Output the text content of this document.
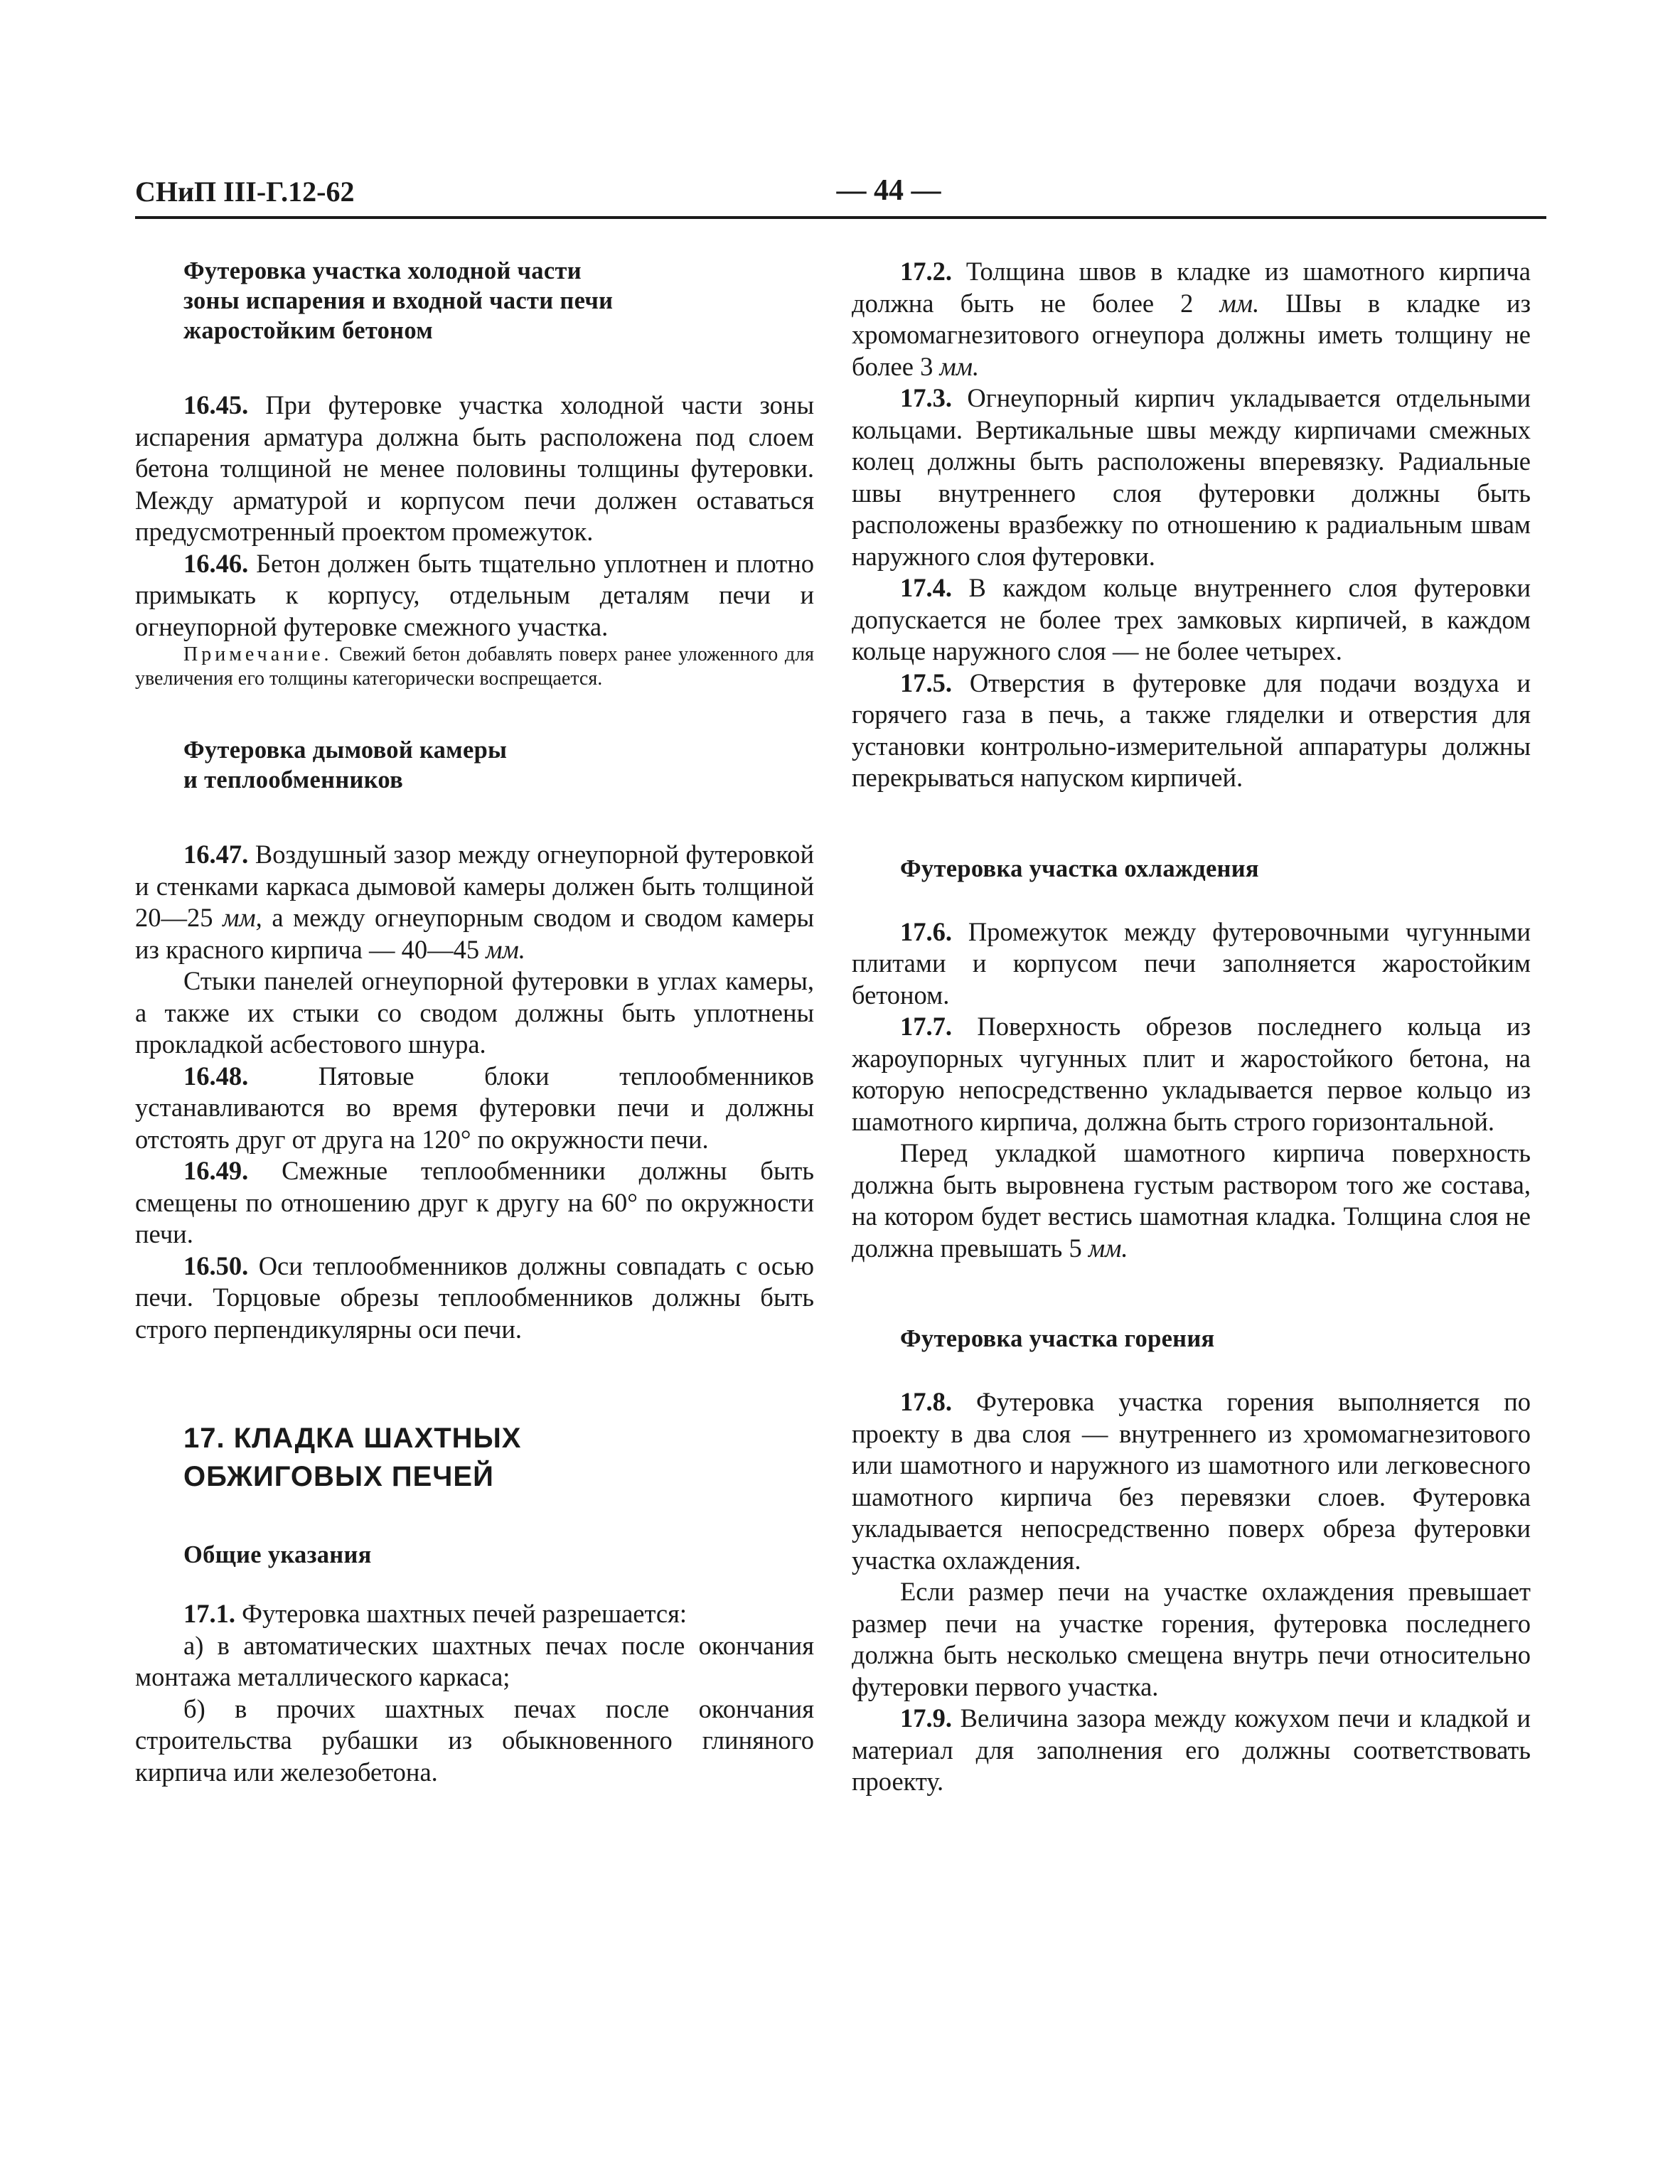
СНиП III-Г.12-62	— 44 —

Футеровка участка холодной части

зоны испарения и входной части печи

жаростойким бетоном

16.45. При футеровке участка холодной части зоны испарения арматура должна быть расположена под слоем бетона толщиной не менее половины толщины футеровки. Между арматурой и корпусом печи должен оставаться предусмотренный проектом промежуток.

16.46. Бетон должен быть тщательно уплотнен и плотно примыкать к корпусу, отдельным деталям печи и огнеупорной футеровке смежного участка.

Примечание. Свежий бетон добавлять поверх ранее уложенного для увеличения его толщины категорически воспрещается.

Футеровка дымовой камеры

и теплообменников

16.47. Воздушный зазор между огнеупорной футеровкой и стенками каркаса дымовой камеры должен быть толщиной 20—25 мм, а между огнеупорным сводом и сводом камеры из красного кирпича — 40—45 мм.

Стыки панелей огнеупорной футеровки в углах камеры, а также их стыки со сводом должны быть уплотнены прокладкой асбестового шнура.

16.48. Пятовые блоки теплообменников устанавливаются во время футеровки печи и должны отстоять друг от друга на 120° по окружности печи.

16.49. Смежные теплообменники должны быть смещены по отношению друг к другу на 60° по окружности печи.

16.50. Оси теплообменников должны совпадать с осью печи. Торцовые обрезы теплообменников должны быть строго перпендикулярны оси печи.

17. КЛАДКА ШАХТНЫХ

ОБЖИГОВЫХ ПЕЧЕЙ

Общие указания

17.1. Футеровка шахтных печей разрешается:

а) в автоматических шахтных печах после окончания монтажа металлического каркаса;

б) в прочих шахтных печах после окончания строительства рубашки из обыкновенного глиняного кирпича или железобетона.

17.2. Толщина швов в кладке из шамотного кирпича должна быть не более 2 мм. Швы в кладке из хромомагнезитового огнеупора должны иметь толщину не более 3 мм.

17.3. Огнеупорный кирпич укладывается отдельными кольцами. Вертикальные швы между кирпичами смежных колец должны быть расположены вперевязку. Радиальные швы внутреннего слоя футеровки должны быть расположены вразбежку по отношению к радиальным швам наружного слоя футеровки.

17.4. В каждом кольце внутреннего слоя футеровки допускается не более трех замковых кирпичей, в каждом кольце наружного слоя — не более четырех.

17.5. Отверстия в футеровке для подачи воздуха и горячего газа в печь, а также гляделки и отверстия для установки контрольно-измерительной аппаратуры должны перекрываться напуском кирпичей.

Футеровка участка охлаждения

17.6. Промежуток между футеровочными чугунными плитами и корпусом печи заполняется жаростойким бетоном.

17.7. Поверхность обрезов последнего кольца из жароупорных чугунных плит и жаростойкого бетона, на которую непосредственно укладывается первое кольцо из шамотного кирпича, должна быть строго горизонтальной.

Перед укладкой шамотного кирпича поверхность должна быть выровнена густым раствором того же состава, на котором будет вестись шамотная кладка. Толщина слоя не должна превышать 5 мм.

Футеровка участка горения

17.8. Футеровка участка горения выполняется по проекту в два слоя — внутреннего из хромомагнезитового или шамотного и наружного из шамотного или легковесного шамотного кирпича без перевязки слоев. Футеровка укладывается непосредственно поверх обреза футеровки участка охлаждения.

Если размер печи на участке охлаждения превышает размер печи на участке горения, футеровка последнего должна быть несколько смещена внутрь печи относительно футеровки первого участка.

17.9. Величина зазора между кожухом печи и кладкой и материал для заполнения его должны соответствовать проекту.
